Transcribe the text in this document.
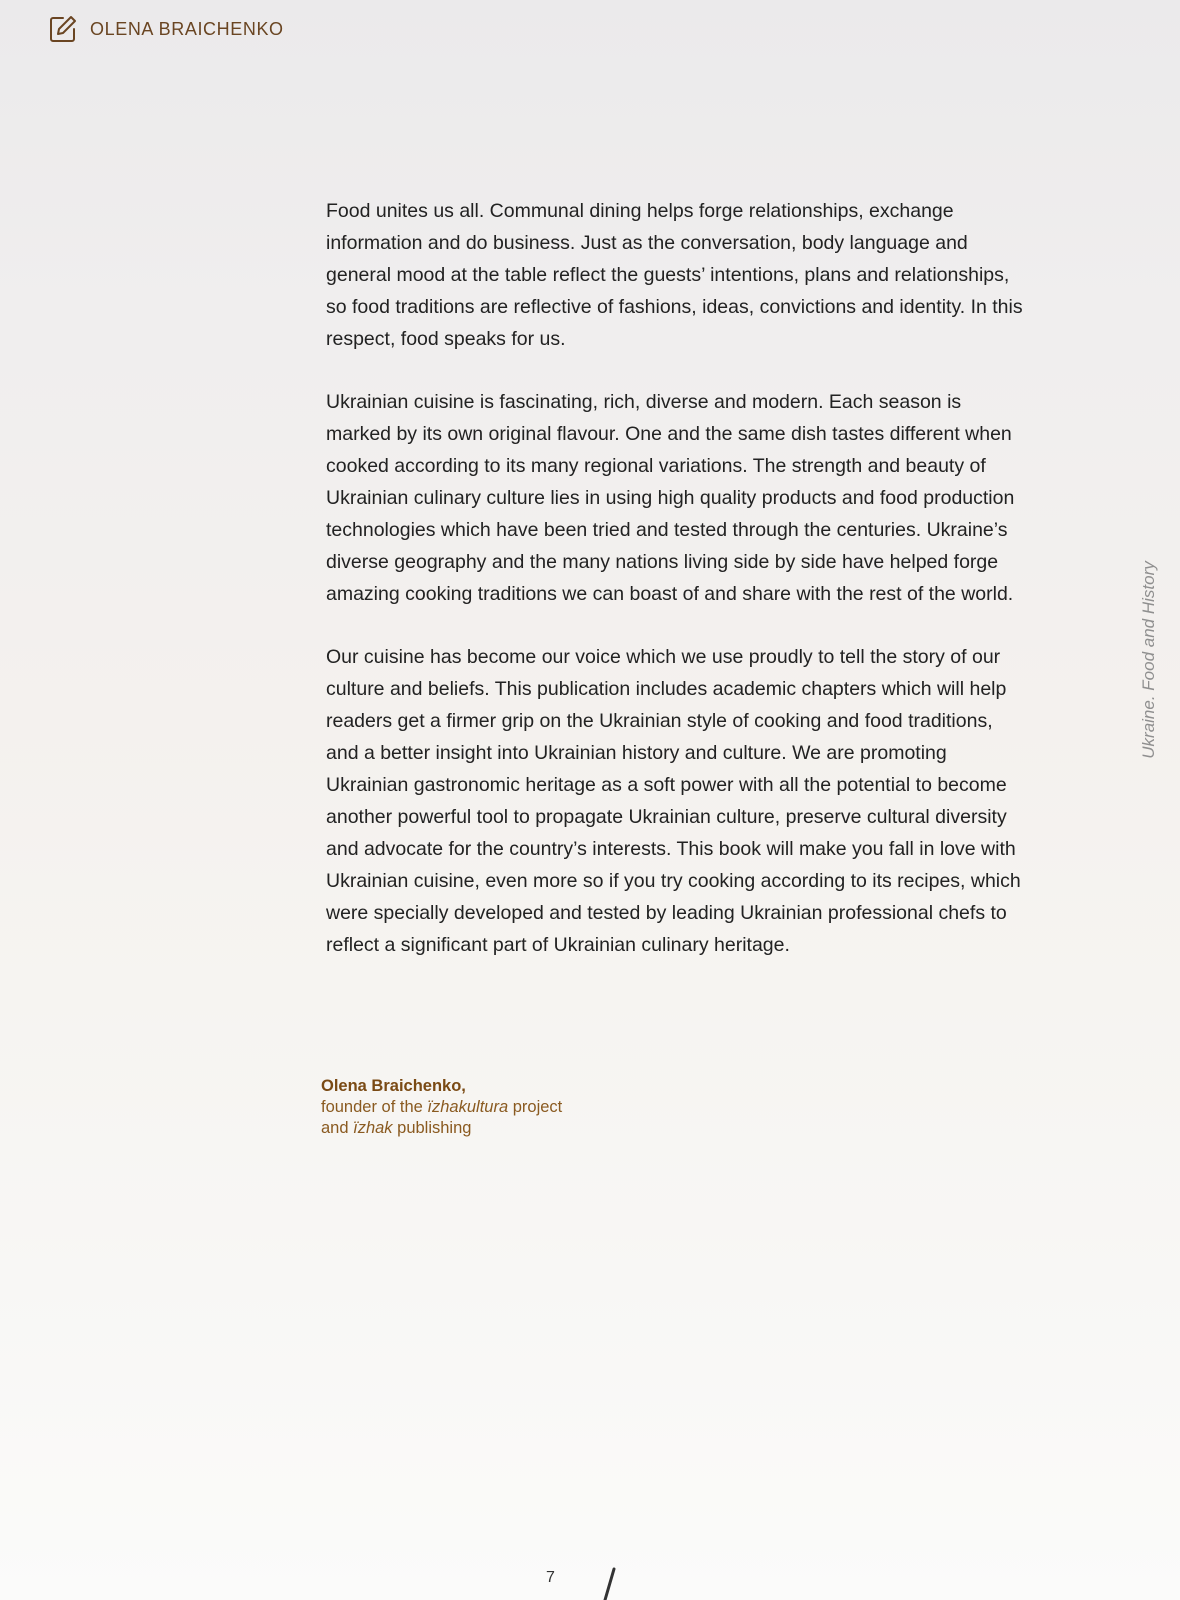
OLENA BRAICHENKO

Food unites us all. Communal dining helps forge relationships, exchange information and do business. Just as the conversation, body language and general mood at the table reflect the guests’ intentions, plans and relationships, so food traditions are reflective of fashions, ideas, convictions and identity. In this respect, food speaks for us.

Ukrainian cuisine is fascinating, rich, diverse and modern. Each season is marked by its own original flavour. One and the same dish tastes different when cooked according to its many regional variations. The strength and beauty of Ukrainian culinary culture lies in using high quality products and food production technologies which have been tried and tested through the centuries. Ukraine’s diverse geography and the many nations living side by side have helped forge amazing cooking traditions we can boast of and share with the rest of the world.

Our cuisine has become our voice which we use proudly to tell the story of our culture and beliefs. This publication includes academic chapters which will help readers get a firmer grip on the Ukrainian style of cooking and food traditions, and a better insight into Ukrainian history and culture. We are promoting Ukrainian gastronomic heritage as a soft power with all the potential to become another powerful tool to propagate Ukrainian culture, preserve cultural diversity and advocate for the country’s interests. This book will make you fall in love with Ukrainian cuisine, even more so if you try cooking according to its recipes, which were specially developed and tested by leading Ukrainian professional chefs to reflect a significant part of Ukrainian culinary heritage.

Olena Braichenko,
founder of the ïzhakultura project
and ïzhak publishing
Ukraine. Food and History
7
